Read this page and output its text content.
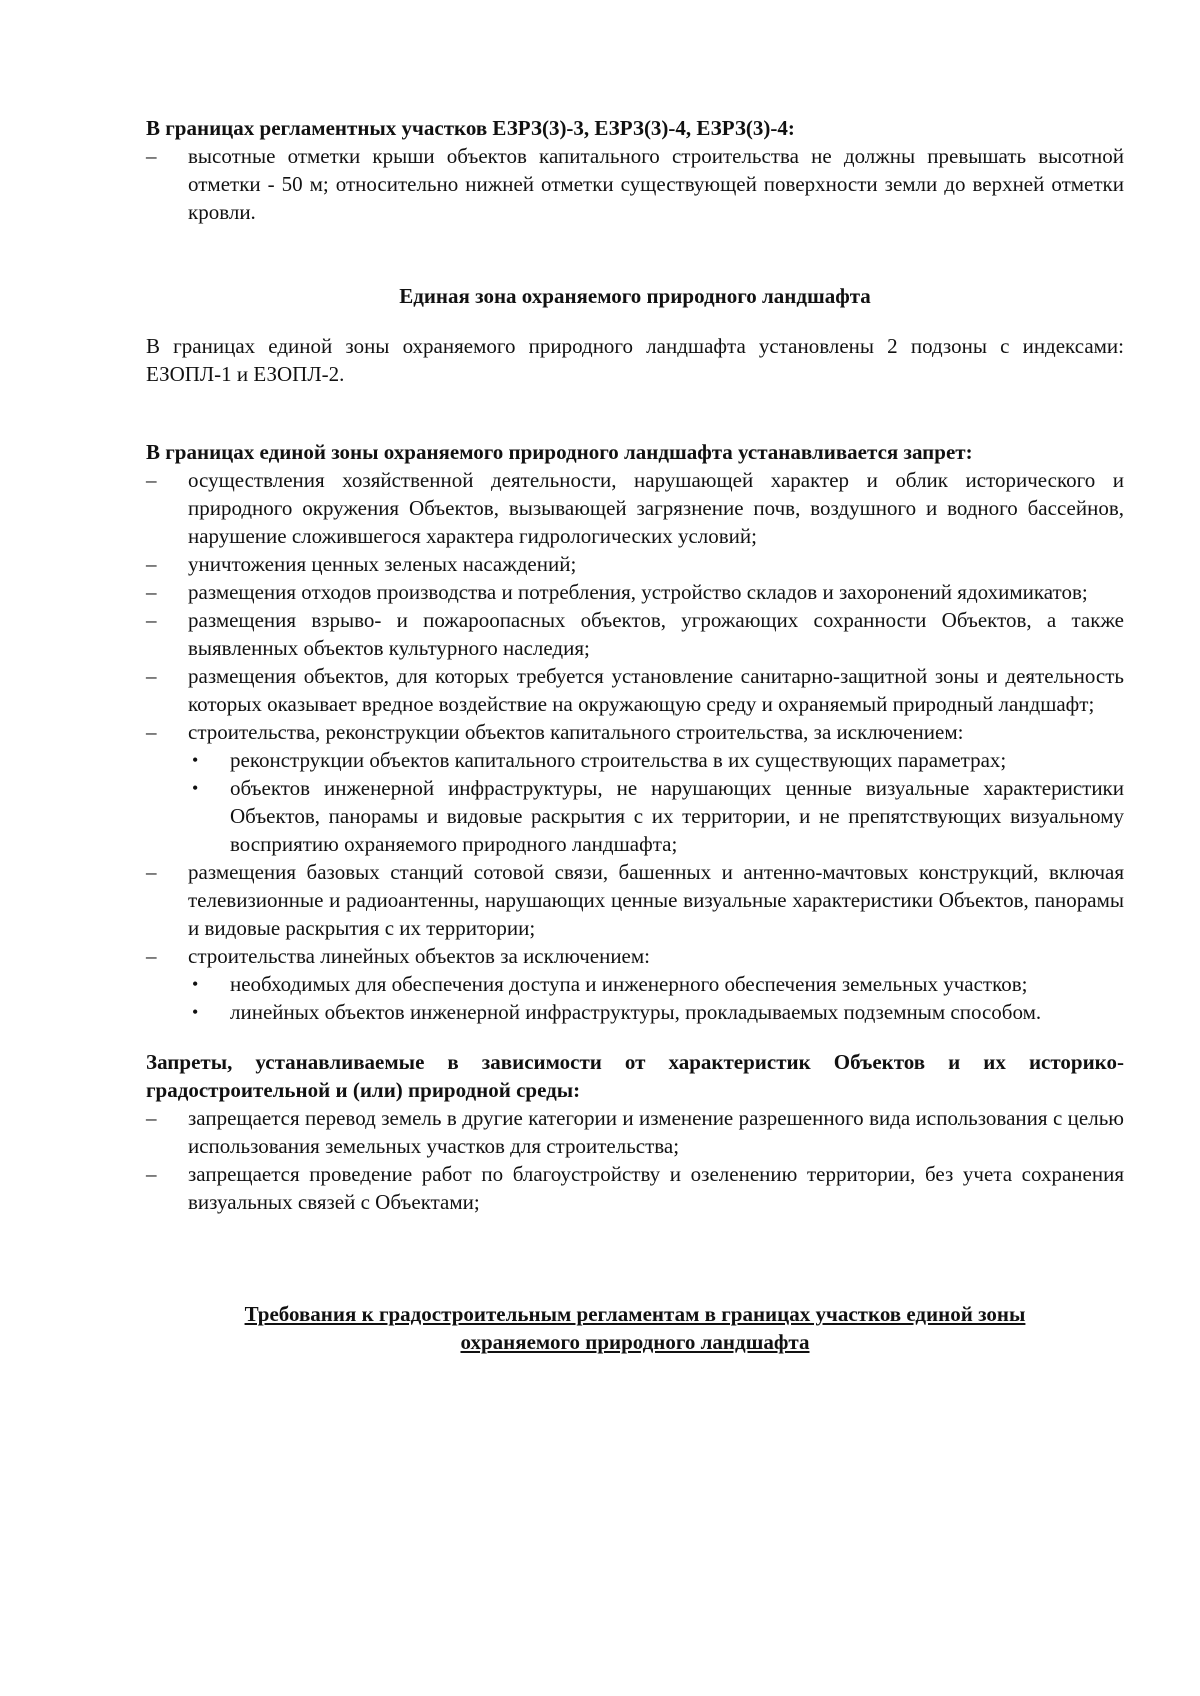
В границах регламентных участков ЕЗРЗ(3)-3, ЕЗРЗ(3)-4, ЕЗРЗ(3)-4:

– высотные отметки крыши объектов капитального строительства не должны превышать высотной отметки - 50 м; относительно нижней отметки существующей поверхности земли до верхней отметки кровли.

Единая зона охраняемого природного ландшафта

В границах единой зоны охраняемого природного ландшафта установлены 2 подзоны с индексами: ЕЗОПЛ-1 и ЕЗОПЛ-2.

В границах единой зоны охраняемого природного ландшафта устанавливается запрет:

– осуществления хозяйственной деятельности, нарушающей характер и облик исторического и природного окружения Объектов, вызывающей загрязнение почв, воздушного и водного бассейнов, нарушение сложившегося характера гидрологических условий;
– уничтожения ценных зеленых насаждений;
– размещения отходов производства и потребления, устройство складов и захоронений ядохимикатов;
– размещения взрыво- и пожароопасных объектов, угрожающих сохранности Объектов, а также выявленных объектов культурного наследия;
– размещения объектов, для которых требуется установление санитарно-защитной зоны и деятельность которых оказывает вредное воздействие на окружающую среду и охраняемый природный ландшафт;
– строительства, реконструкции объектов капитального строительства, за исключением:
• реконструкции объектов капитального строительства в их существующих параметрах;
• объектов инженерной инфраструктуры, не нарушающих ценные визуальные характеристики Объектов, панорамы и видовые раскрытия с их территории, и не препятствующих визуальному восприятию охраняемого природного ландшафта;
– размещения базовых станций сотовой связи, башенных и антенно-мачтовых конструкций, включая телевизионные и радиоантенны, нарушающих ценные визуальные характеристики Объектов, панорамы и видовые раскрытия с их территории;
– строительства линейных объектов за исключением:
• необходимых для обеспечения доступа и инженерного обеспечения земельных участков;
• линейных объектов инженерной инфраструктуры, прокладываемых подземным способом.

Запреты, устанавливаемые в зависимости от характеристик Объектов и их историко-градостроительной и (или) природной среды:

– запрещается перевод земель в другие категории и изменение разрешенного вида использования с целью использования земельных участков для строительства;
– запрещается проведение работ по благоустройству и озеленению территории, без учета сохранения визуальных связей с Объектами;
Требования к градостроительным регламентам в границах участков единой зоны
охраняемого природного ландшафта
